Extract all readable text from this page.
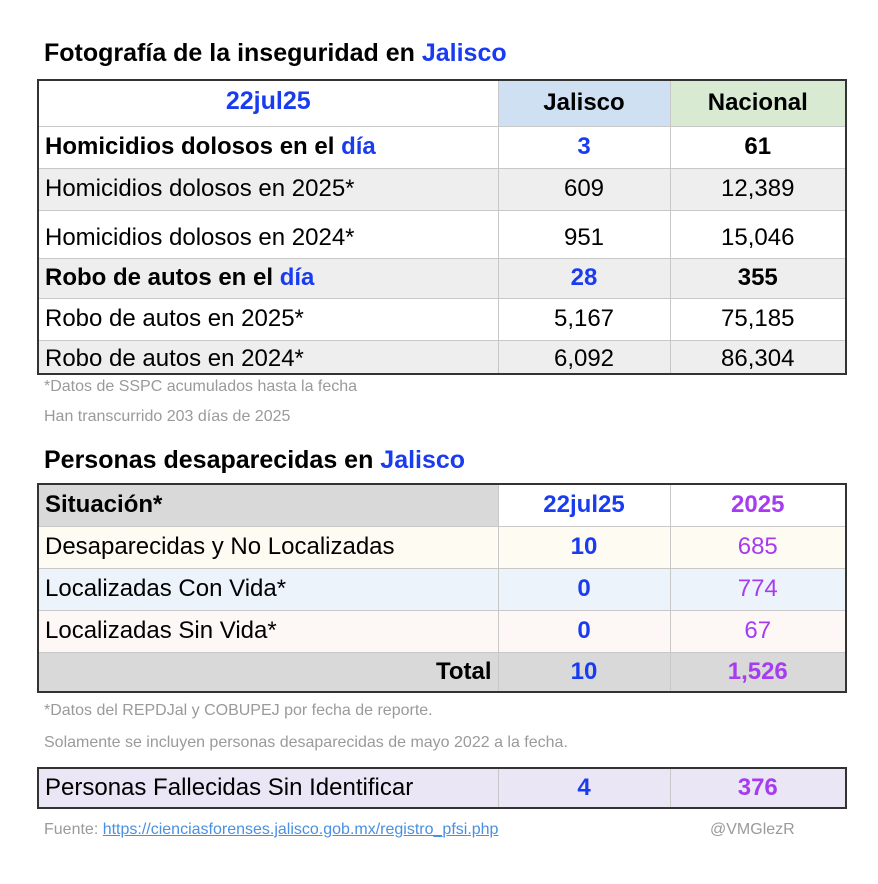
Fotografía de la inseguridad en Jalisco
22jul25	Jalisco	Nacional
Homicidios dolosos en el día	3	61
Homicidios dolosos en 2025*	609	12,389
Homicidios dolosos en 2024*	951	15,046
Robo de autos en el día	28	355
Robo de autos en 2025*	5,167	75,185
Robo de autos en 2024*	6,092	86,304
*Datos de SSPC acumulados hasta la fecha
Han transcurrido 203 días de 2025
Personas desaparecidas en Jalisco
Situación*	22jul25	2025
Desaparecidas y No Localizadas	10	685
Localizadas Con Vida*	0	774
Localizadas Sin Vida*	0	67
Total	10	1,526
*Datos del REPDJal y COBUPEJ por fecha de reporte.
Solamente se incluyen personas desaparecidas de mayo 2022 a la fecha.
Personas Fallecidas Sin Identificar	4	376
Fuente: https://cienciasforenses.jalisco.gob.mx/registro_pfsi.php	@VMGlezR
